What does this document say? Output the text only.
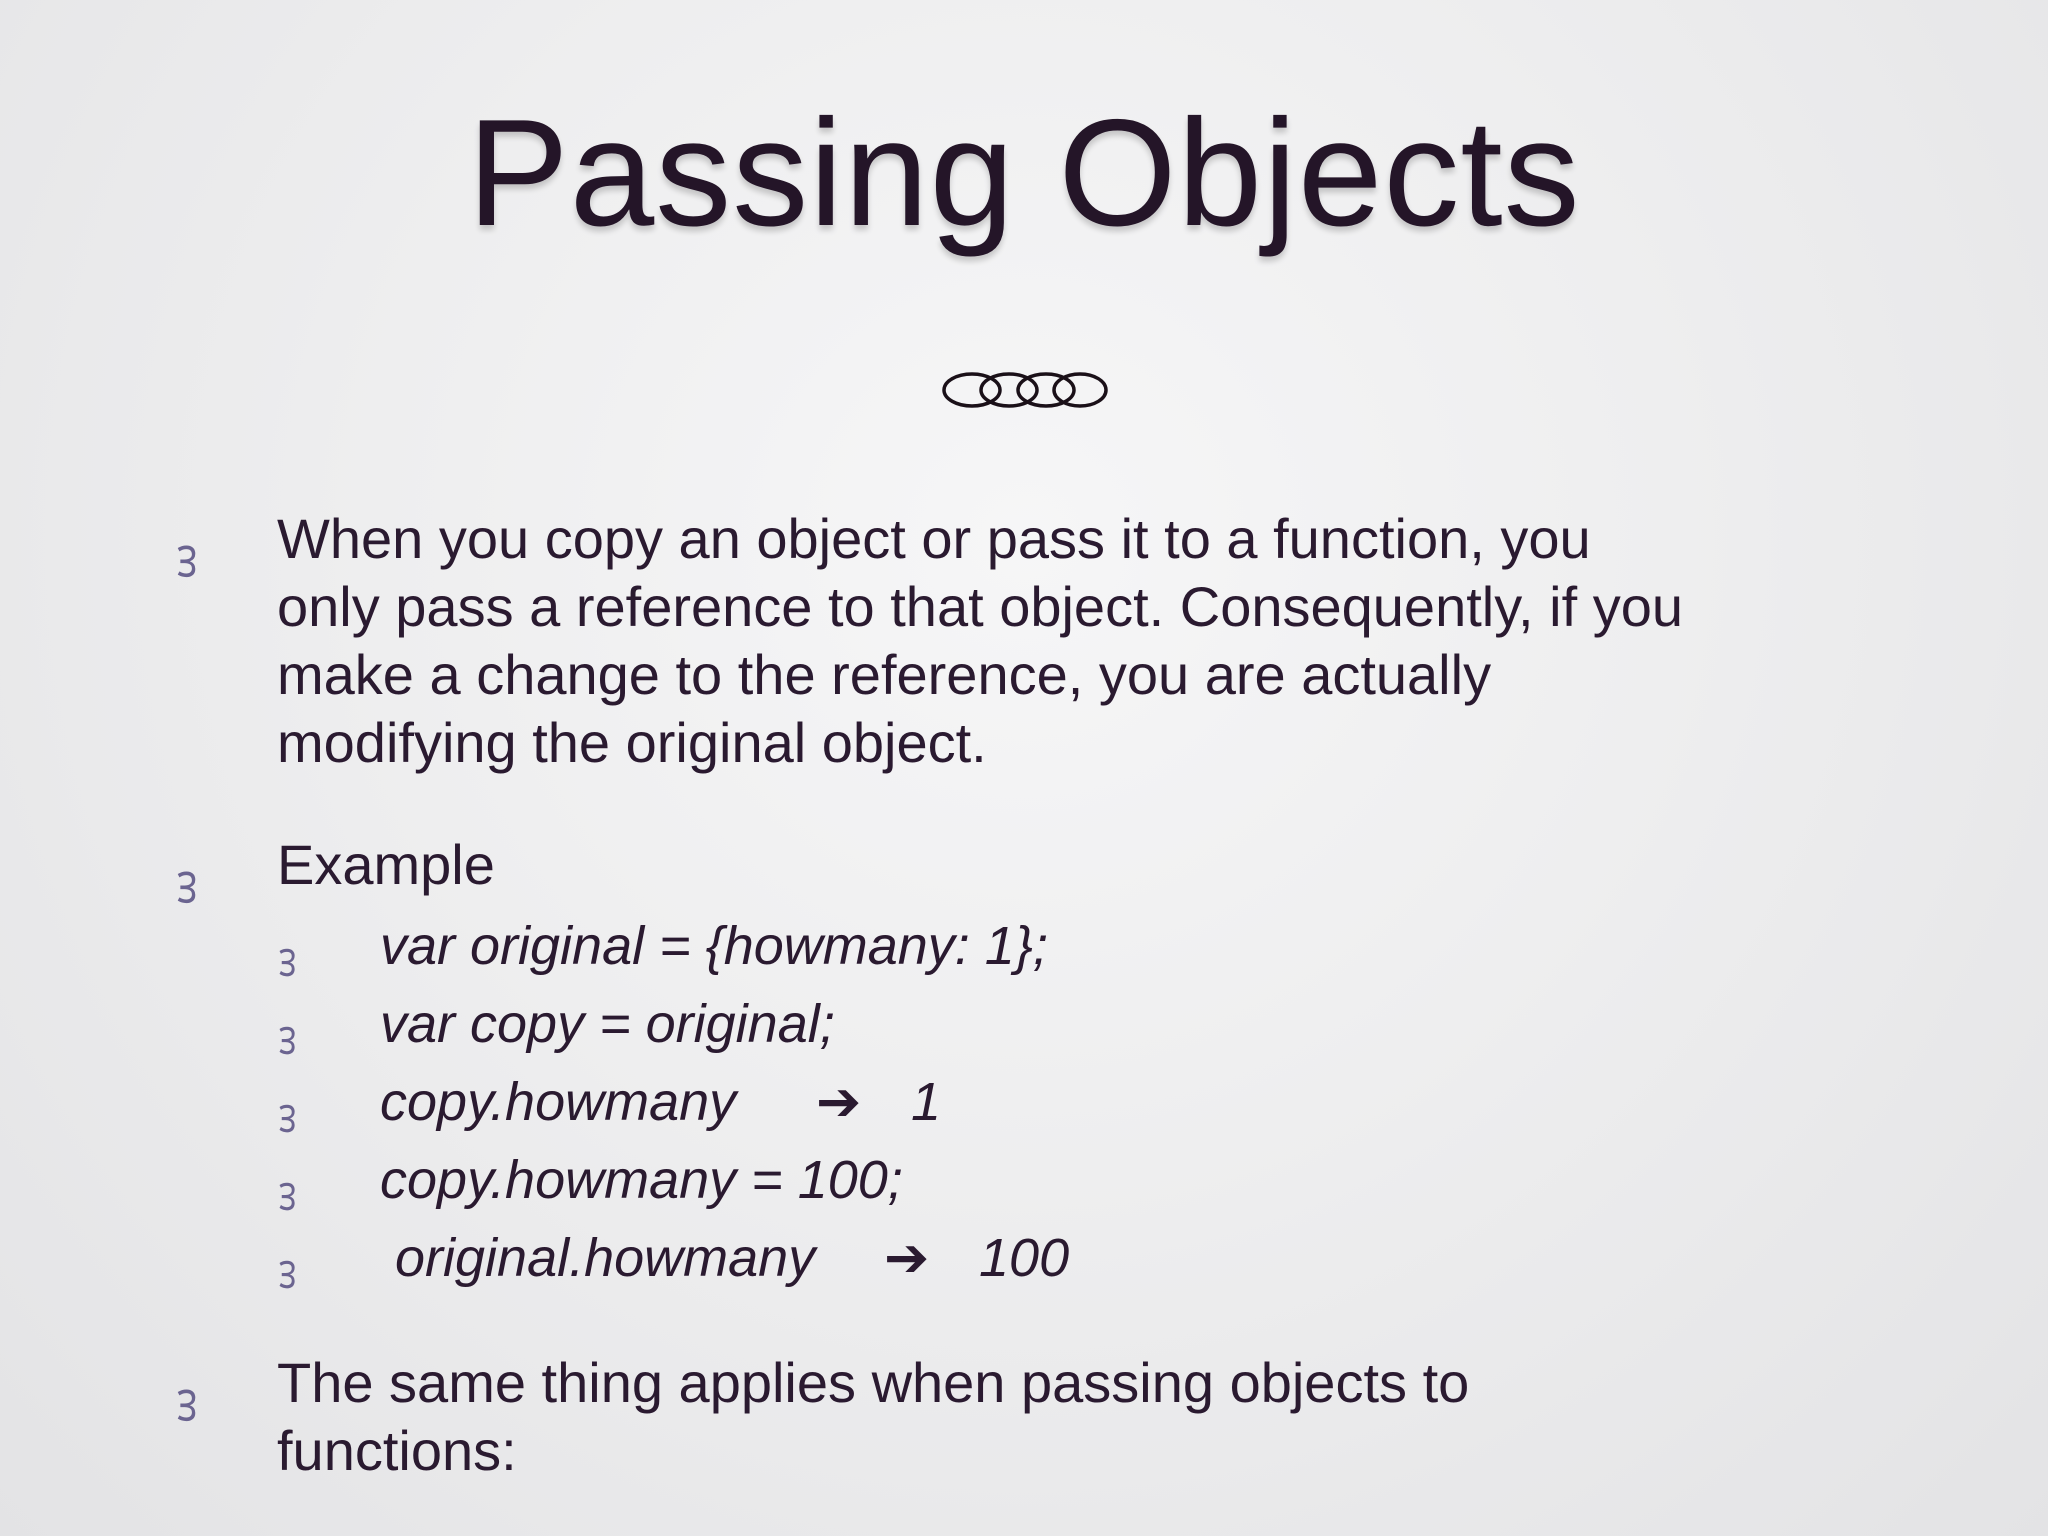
Passing Objects
ᢃ When you copy an object or pass it to a function, you
only pass a reference to that object. Consequently, if you
make a change to the reference, you are actually
modifying the original object.
ᢃ Example
ᢃ var original = {howmany: 1};
ᢃ var copy = original;
ᢃ copy.howmany ➔ 1
ᢃ copy.howmany = 100;
ᢃ original.howmany ➔ 100
ᢃ The same thing applies when passing objects to
functions:
